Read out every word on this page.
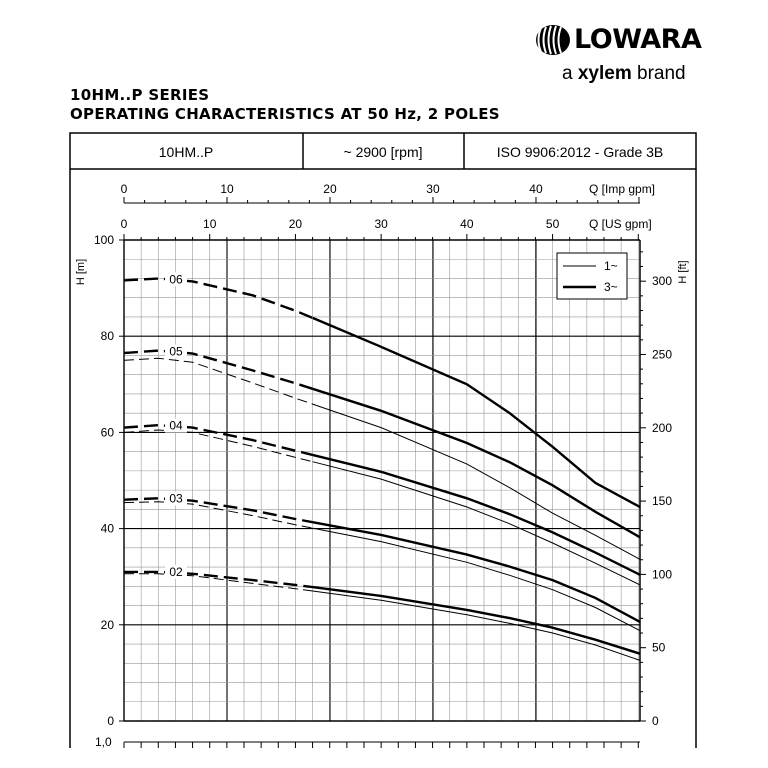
10HM..P	~ 2900 [rpm]	ISO 9906:2012 - Grade 3B
0	10	20	30	40
0	10	20	30	40	50
0
20
40
60
80
100
0
50
100
150
200
250
300
06
05
04
03
02
H [m]	H [ft]
Q [Imp gpm]
Q [US gpm]
1,0
1~
3~
LOWARA
a xylem brand
10HM..P SERIES
OPERATING CHARACTERISTICS AT 50 Hz, 2 POLES
